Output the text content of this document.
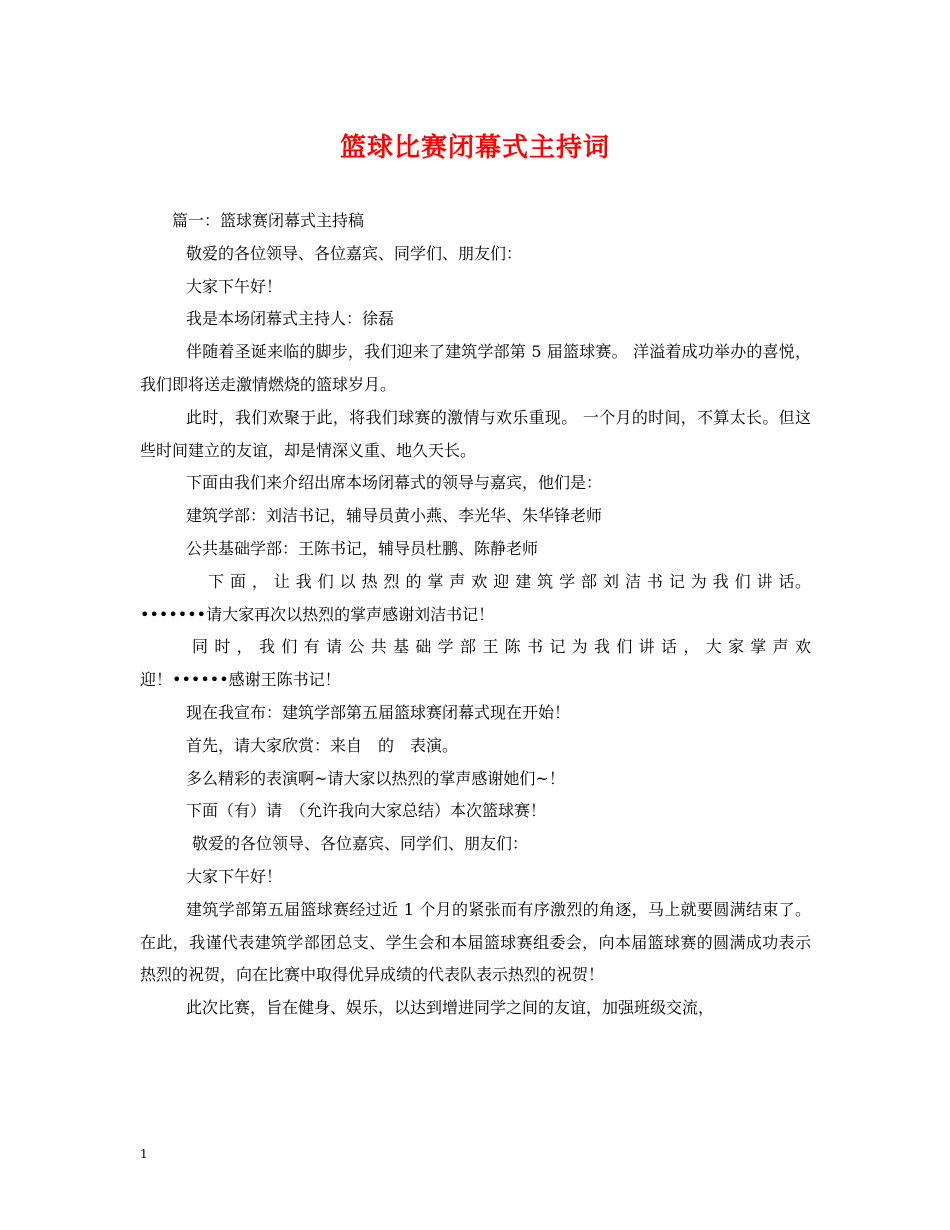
篮球比赛闭幕式主持词

篇一：篮球赛闭幕式主持稿

敬爱的各位领导、各位嘉宾、同学们、朋友们：

大家下午好！

我是本场闭幕式主持人：徐磊

伴随着圣诞来临的脚步，我们迎来了建筑学部第 5 届篮球赛。 洋溢着成功举办的喜悦，我们即将送走激情燃烧的篮球岁月。

此时，我们欢聚于此，将我们球赛的激情与欢乐重现。 一个月的时间，不算太长。但这些时间建立的友谊，却是情深义重、地久天长。

下面由我们来介绍出席本场闭幕式的领导与嘉宾，他们是：

建筑学部：刘洁书记，辅导员黄小燕、李光华、朱华锋老师

公共基础学部：王陈书记，辅导员杜鹏、陈静老师

下 面 ， 让 我 们 以 热 烈 的 掌 声 欢 迎 建 筑 学 部 刘 洁 书 记 为 我 们 讲 话。•••••••请大家再次以热烈的掌声感谢刘洁书记！

同 时 ， 我 们 有 请 公 共 基 础 学 部 王 陈 书 记 为 我 们 讲 话 ， 大 家 掌 声 欢 迎！••••••感谢王陈书记！

现在我宣布：建筑学部第五届篮球赛闭幕式现在开始！

首先，请大家欣赏：来自　的　表演。

多么精彩的表演啊~请大家以热烈的掌声感谢她们~！

下面（有）请　（允许我向大家总结）本次篮球赛！

敬爱的各位领导、各位嘉宾、同学们、朋友们：

大家下午好！

建筑学部第五届篮球赛经过近 1 个月的紧张而有序激烈的角逐，马上就要圆满结束了。在此，我谨代表建筑学部团总支、学生会和本届篮球赛组委会，向本届篮球赛的圆满成功表示热烈的祝贺，向在比赛中取得优异成绩的代表队表示热烈的祝贺！

此次比赛，旨在健身、娱乐，以达到增进同学之间的友谊，加强班级交流，

1
